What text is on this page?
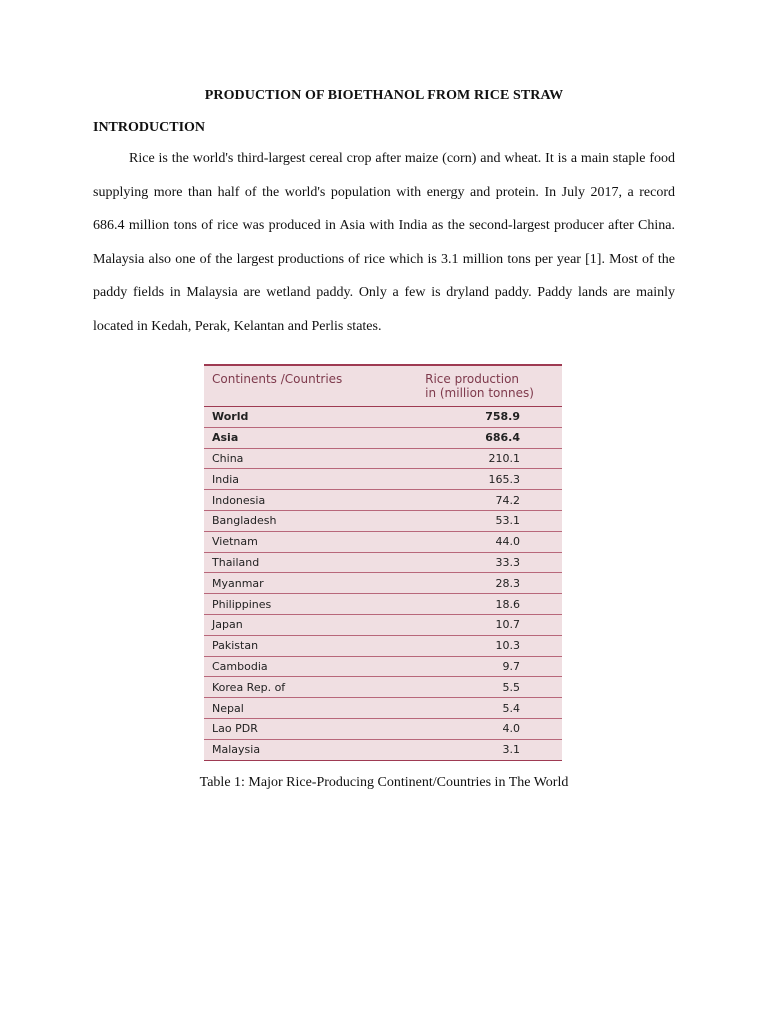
PRODUCTION OF BIOETHANOL FROM RICE STRAW
INTRODUCTION

Rice is the world's third-largest cereal crop after maize (corn) and wheat. It is a main staple food supplying more than half of the world's population with energy and protein. In July 2017, a record 686.4 million tons of rice was produced in Asia with India as the second-largest producer after China. Malaysia also one of the largest productions of rice which is 3.1 million tons per year [1]. Most of the paddy fields in Malaysia are wetland paddy. Only a few is dryland paddy. Paddy lands are mainly located in Kedah, Perak, Kelantan and Perlis states.

Continents /Countries	Rice production
in (million tonnes)

World	758.9
Asia	686.4
China	210.1
India	165.3
Indonesia	74.2
Bangladesh	53.1
Vietnam	44.0
Thailand	33.3
Myanmar	28.3
Philippines	18.6
Japan	10.7
Pakistan	10.3
Cambodia	9.7
Korea Rep. of	5.5
Nepal	5.4
Lao PDR	4.0
Malaysia	3.1
Table 1: Major Rice-Producing Continent/Countries in The World
